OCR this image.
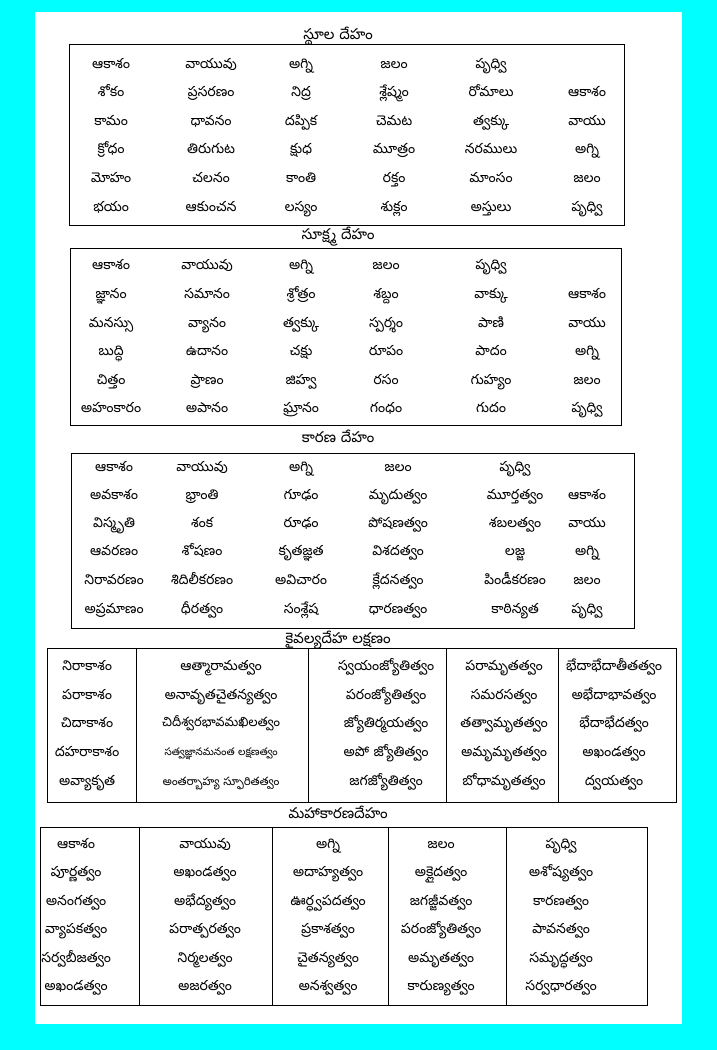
స్థూల దేహం
ఆకాశం	వాయువు	అగ్ని	జలం	పృధ్వి
శోకం	ప్రసరణం	నిద్ర	శ్లేష్మం	రోమాలు	ఆకాశం
కామం	ధావనం	దప్పిక	చెమట	త్వక్కు	వాయు
క్రోధం	తిరుగుట	క్షుధ	మూత్రం	నరములు	అగ్ని
మోహం	చలనం	కాంతి	రక్తం	మాంసం	జలం
భయం	ఆకుంచన	లస్యం	శుక్లం	అస్తులు	పృధ్వి
సూక్ష్మ దేహం
ఆకాశం	వాయువు	అగ్ని	జలం	పృధ్వి
జ్ఞానం	సమానం	శ్రోత్రం	శబ్దం	వాక్కు	ఆకాశం
మనస్సు	వ్యానం	త్వక్కు	స్పర్శం	పాణి	వాయు
బుద్ధి	ఉదానం	చక్షు	రూపం	పాదం	అగ్ని
చిత్తం	ప్రాణం	జిహ్వ	రసం	గుహ్యం	జలం
అహంకారం	అపానం	ఘ్రానం	గంధం	గుదం	పృధ్వి
కారణ దేహం
ఆకాశం	వాయువు	అగ్ని	జలం	పృధ్వి
అవకాశం	భ్రాంతి	గూఢం	మృదుత్వం	మూర్తత్వం ఆకాశం
విస్మృతి	శంక	రూఢం	పోషణత్వం	శబలత్వం వాయు
ఆవరణం	శోషణం	కృతజ్ఞత	విశదత్వం	లజ్జ	అగ్ని
నిరావరణం శిదిలీకరణం	అవిచారం	క్లేదనత్వం	పిండీకరణం జలం
అప్రమాణం	ధీరత్వం	సంశ్లేష	ధారణత్వం	కాఠిన్యత పృధ్వి
కైవల్యదేహ లక్షణం
నిరాకాశం	ఆత్మారామత్వం	స్వయంజ్యోతిత్వం పరామృతత్వం భేదాభేదాతీతత్వం
పరాకాశం	అనావృతచైతన్యత్వం	పరంజ్యోతిత్వం	సమరసత్వం అభేదాభావత్వం
చిదాకాశం	చిదీశ్వరభావమఖిలత్వం	జ్యోతిర్మయత్వం తత్వామృతత్వం భేదాభేదత్వం
దహరాకాశం	సత్వజ్ఞానమనంత లక్షణత్వం	అపో జ్యోతిత్వం అమృమృతత్వం	అఖండత్వం
అవ్యాకృత	అంతర్బాహ్య స్ఫూరితత్వం	జగజ్యోతిత్వం	బోధామృతత్వం	ద్వయత్వం
మహాకారణదేహం
ఆకాశం	వాయువు	అగ్ని	జలం	పృధ్వి
పూర్ణత్వం	అఖండత్వం	అదాహ్యత్వం	అక్లైదత్వం	అశోష్యత్వం
అనంగత్వం	అభేద్యత్వం	ఊర్ధ్వపదత్వం	జగజ్జీవత్వం	కారణత్వం
వ్యాపకత్వం	పరాత్పరత్వం	ప్రకాశత్వం	పరంజ్యోతిత్వం	పావనత్వం
సర్వబీజత్వం	నిర్మలత్వం	చైతన్యత్వం	అమృతత్వం	సమృద్ధత్వం
అఖండత్వం	అజరత్వం	అనశ్వత్వం	కారుణ్యత్వం	సర్వధారత్వం
